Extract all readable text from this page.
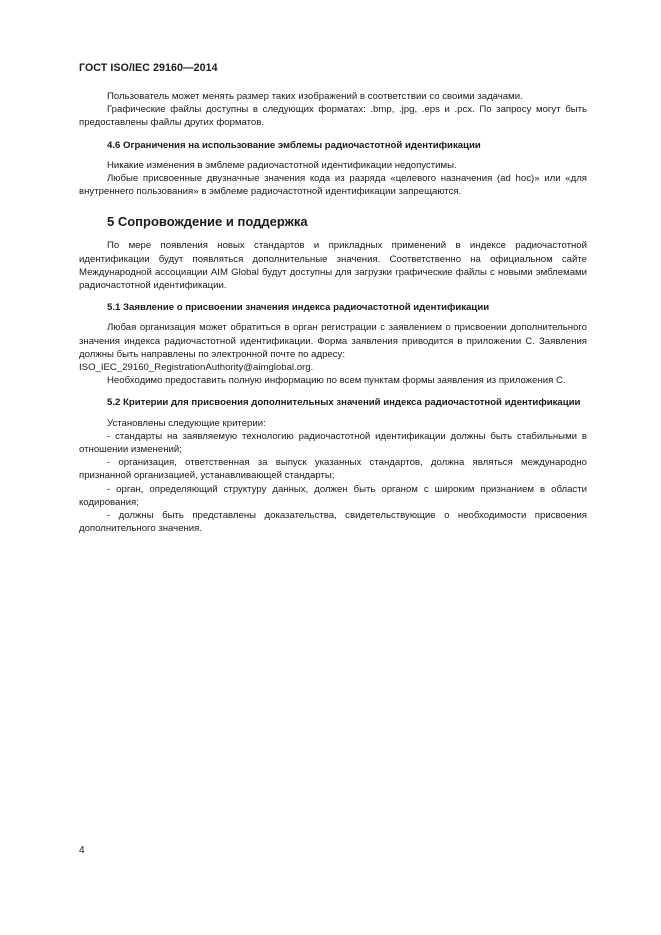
ГОСТ ISO/IEC 29160—2014

Пользователь может менять размер таких изображений в соответствии со своими задачами.

Графические файлы доступны в следующих форматах: .bmp, .jpg, .eps и .pcx. По запросу могут быть предоставлены файлы других форматов.

4.6 Ограничения на использование эмблемы радиочастотной идентификации

Никакие изменения в эмблеме радиочастотной идентификации недопустимы.

Любые присвоенные двузначные значения кода из разряда «целевого назначения (ad hoc)» или «для внутреннего пользования» в эмблеме радиочастотной идентификации запрещаются.

5 Сопровождение и поддержка

По мере появления новых стандартов и прикладных применений в индексе радиочастотной идентификации будут появляться дополнительные значения. Соответственно на официальном сайте Международной ассоциации AIM Global будут доступны для загрузки графические файлы с новыми эмблемами радиочастотной идентификации.

5.1 Заявление о присвоении значения индекса радиочастотной идентификации

Любая организация может обратиться в орган регистрации с заявлением о присвоении дополнительного значения индекса радиочастотной идентификации. Форма заявления приводится в приложении С. Заявления должны быть направлены по электронной почте по адресу:

ISO_IEC_29160_RegistrationAuthority@aimglobal.org.

Необходимо предоставить полную информацию по всем пунктам формы заявления из приложения С.

5.2 Критерии для присвоения дополнительных значений индекса радиочастотной идентификации

Установлены следующие критерии:

- стандарты на заявляемую технологию радиочастотной идентификации должны быть стабильными в отношении изменений;

- организация, ответственная за выпуск указанных стандартов, должна являться международно признанной организацией, устанавливающей стандарты;

- орган, определяющий структуру данных, должен быть органом с широким признанием в области кодирования;

- должны быть представлены доказательства, свидетельствующие о необходимости присвоения дополнительного значения.

4
